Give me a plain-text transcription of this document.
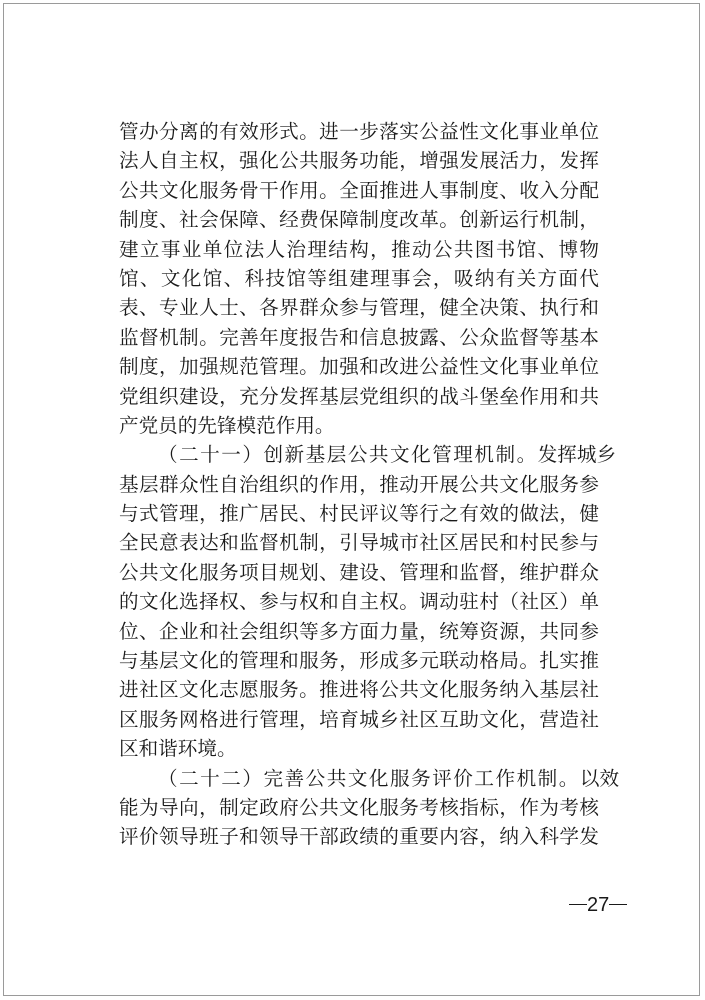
管办分离的有效形式。进一步落实公益性文化事业单位
法人自主权，强化公共服务功能，增强发展活力，发挥
公共文化服务骨干作用。全面推进人事制度、收入分配
制度、社会保障、经费保障制度改革。创新运行机制，
建立事业单位法人治理结构，推动公共图书馆、博物
馆、文化馆、科技馆等组建理事会，吸纳有关方面代
表、专业人士、各界群众参与管理，健全决策、执行和
监督机制。完善年度报告和信息披露、公众监督等基本
制度，加强规范管理。加强和改进公益性文化事业单位
党组织建设，充分发挥基层党组织的战斗堡垒作用和共
产党员的先锋模范作用。
（二十一）创新基层公共文化管理机制。发挥城乡
基层群众性自治组织的作用，推动开展公共文化服务参
与式管理，推广居民、村民评议等行之有效的做法，健
全民意表达和监督机制，引导城市社区居民和村民参与
公共文化服务项目规划、建设、管理和监督，维护群众
的文化选择权、参与权和自主权。调动驻村（社区）单
位、企业和社会组织等多方面力量，统筹资源，共同参
与基层文化的管理和服务，形成多元联动格局。扎实推
进社区文化志愿服务。推进将公共文化服务纳入基层社
区服务网格进行管理，培育城乡社区互助文化，营造社
区和谐环境。
（二十二）完善公共文化服务评价工作机制。以效
能为导向，制定政府公共文化服务考核指标，作为考核
评价领导班子和领导干部政绩的重要内容，纳入科学发
27
